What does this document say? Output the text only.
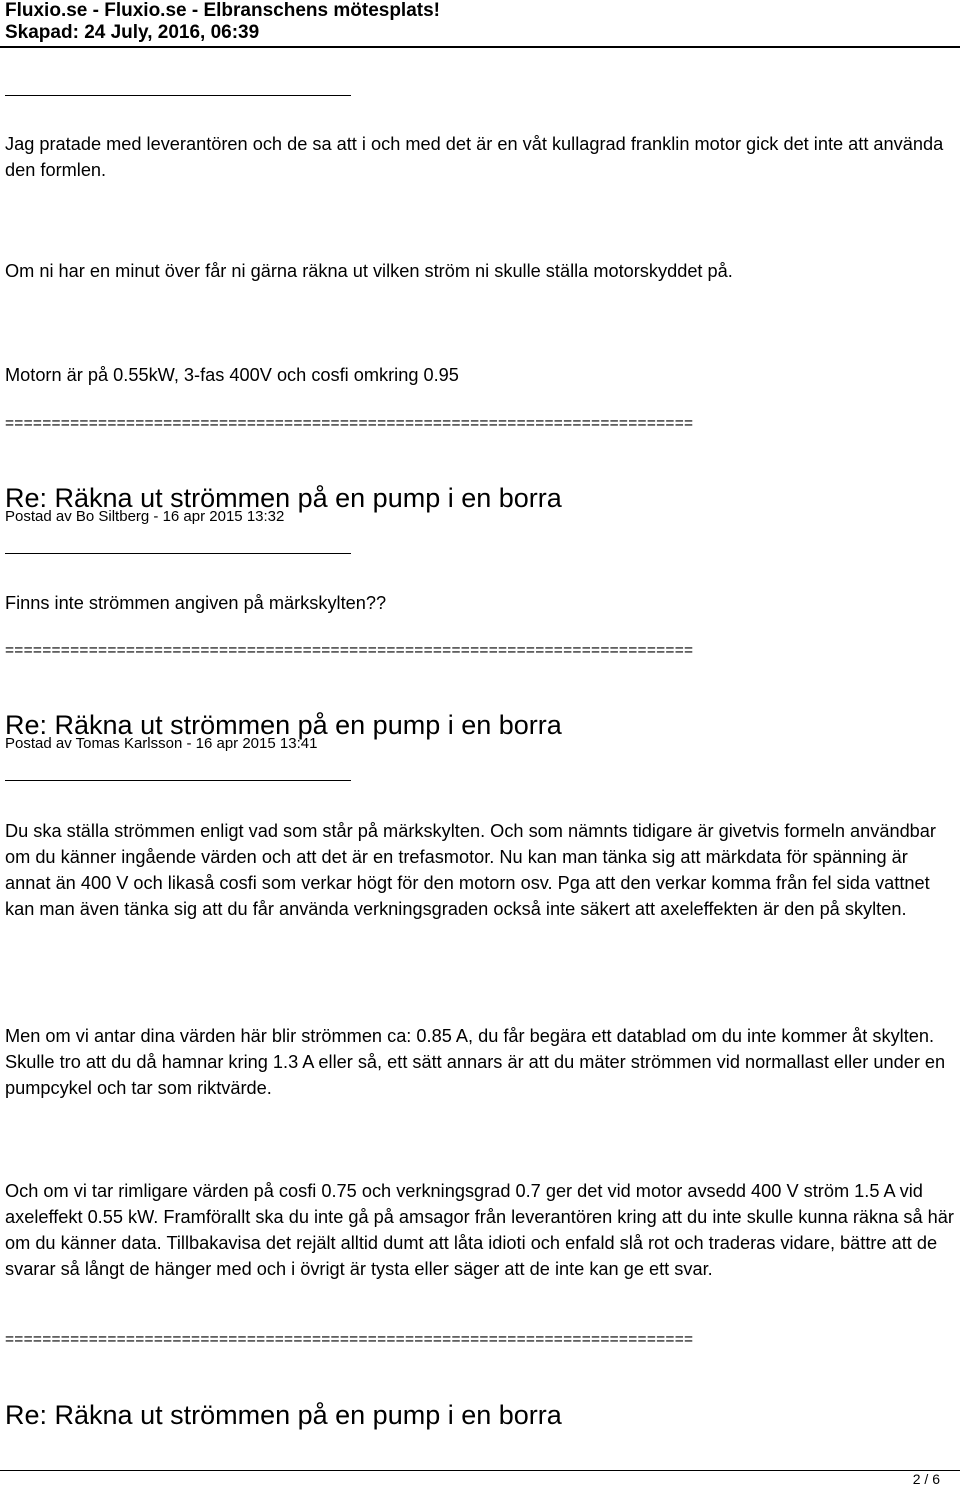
Fluxio.se - Fluxio.se - Elbranschens mötesplats!
Skapad: 24 July, 2016, 06:39

Jag pratade med leverantören och de sa att i och med det är en våt kullagrad franklin motor gick det inte att använda den formlen.

Om ni har en minut över får ni gärna räkna ut vilken ström ni skulle ställa motorskyddet på.

Motorn är på 0.55kW, 3-fas 400V och cosfi omkring 0.95

==========================================================================
Re: Räkna ut strömmen på en pump i en borra
Postad av Bo Siltberg - 16 apr 2015 13:32

Finns inte strömmen angiven på märkskylten??

==========================================================================
Re: Räkna ut strömmen på en pump i en borra
Postad av Tomas Karlsson - 16 apr 2015 13:41

Du ska ställa strömmen enligt vad som står på märkskylten. Och som nämnts tidigare är givetvis formeln användbar om du känner ingående värden och att det är en trefasmotor. Nu kan man tänka sig att märkdata för spänning är annat än 400 V och likaså cosfi som verkar högt för den motorn osv. Pga att den verkar komma från fel sida vattnet kan man även tänka sig att du får använda verkningsgraden också inte säkert att axeleffekten är den på skylten.

Men om vi antar dina värden här blir strömmen ca: 0.85 A, du får begära ett datablad om du inte kommer åt skylten. Skulle tro att du då hamnar kring 1.3 A eller så, ett sätt annars är att du mäter strömmen vid normallast eller under en pumpcykel och tar som riktvärde.

Och om vi tar rimligare värden på cosfi 0.75 och verkningsgrad 0.7 ger det vid motor avsedd 400 V ström 1.5 A vid axeleffekt 0.55 kW. Framförallt ska du inte gå på amsagor från leverantören kring att du inte skulle kunna räkna så här om du känner data. Tillbakavisa det rejält alltid dumt att låta idioti och enfald slå rot och traderas vidare, bättre att de svarar så långt de hänger med och i övrigt är tysta eller säger att de inte kan ge ett svar.

==========================================================================
Re: Räkna ut strömmen på en pump i en borra
2 / 6
